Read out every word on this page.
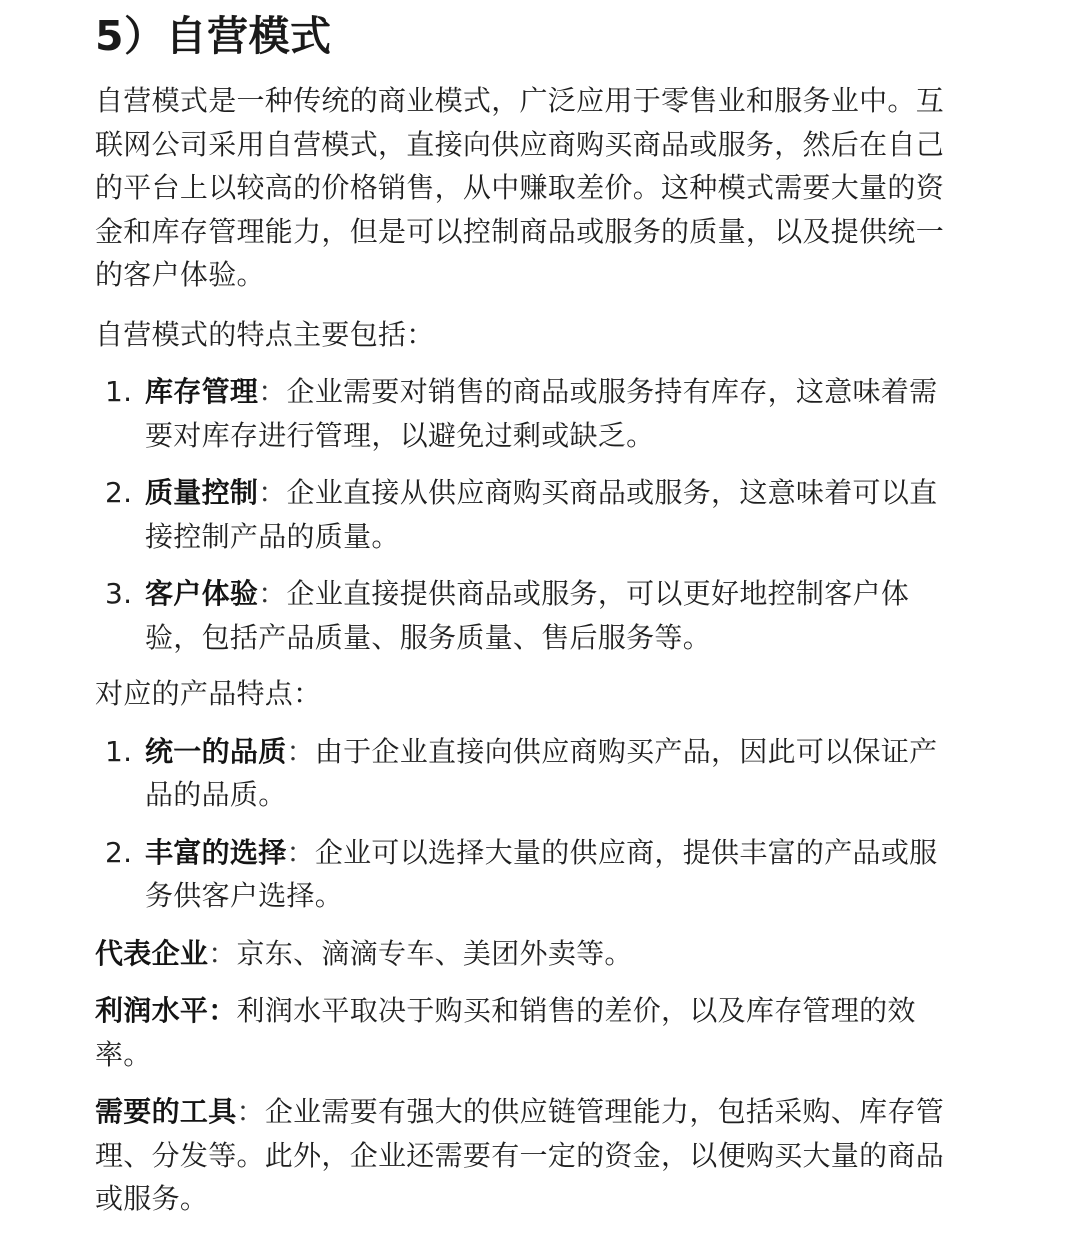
5）自营模式

自营模式是一种传统的商业模式，广泛应用于零售业和服务业中。互联网公司采用自营模式，直接向供应商购买商品或服务，然后在自己的平台上以较高的价格销售，从中赚取差价。这种模式需要大量的资金和库存管理能力，但是可以控制商品或服务的质量，以及提供统一的客户体验。

自营模式的特点主要包括：

1. 库存管理：企业需要对销售的商品或服务持有库存，这意味着需要对库存进行管理，以避免过剩或缺乏。
2. 质量控制：企业直接从供应商购买商品或服务，这意味着可以直接控制产品的质量。
3. 客户体验：企业直接提供商品或服务，可以更好地控制客户体验，包括产品质量、服务质量、售后服务等。

对应的产品特点：

1. 统一的品质：由于企业直接向供应商购买产品，因此可以保证产品的品质。
2. 丰富的选择：企业可以选择大量的供应商，提供丰富的产品或服务供客户选择。

代表企业：京东、滴滴专车、美团外卖等。

利润水平：利润水平取决于购买和销售的差价，以及库存管理的效率。

需要的工具：企业需要有强大的供应链管理能力，包括采购、库存管理、分发等。此外，企业还需要有一定的资金，以便购买大量的商品或服务。
